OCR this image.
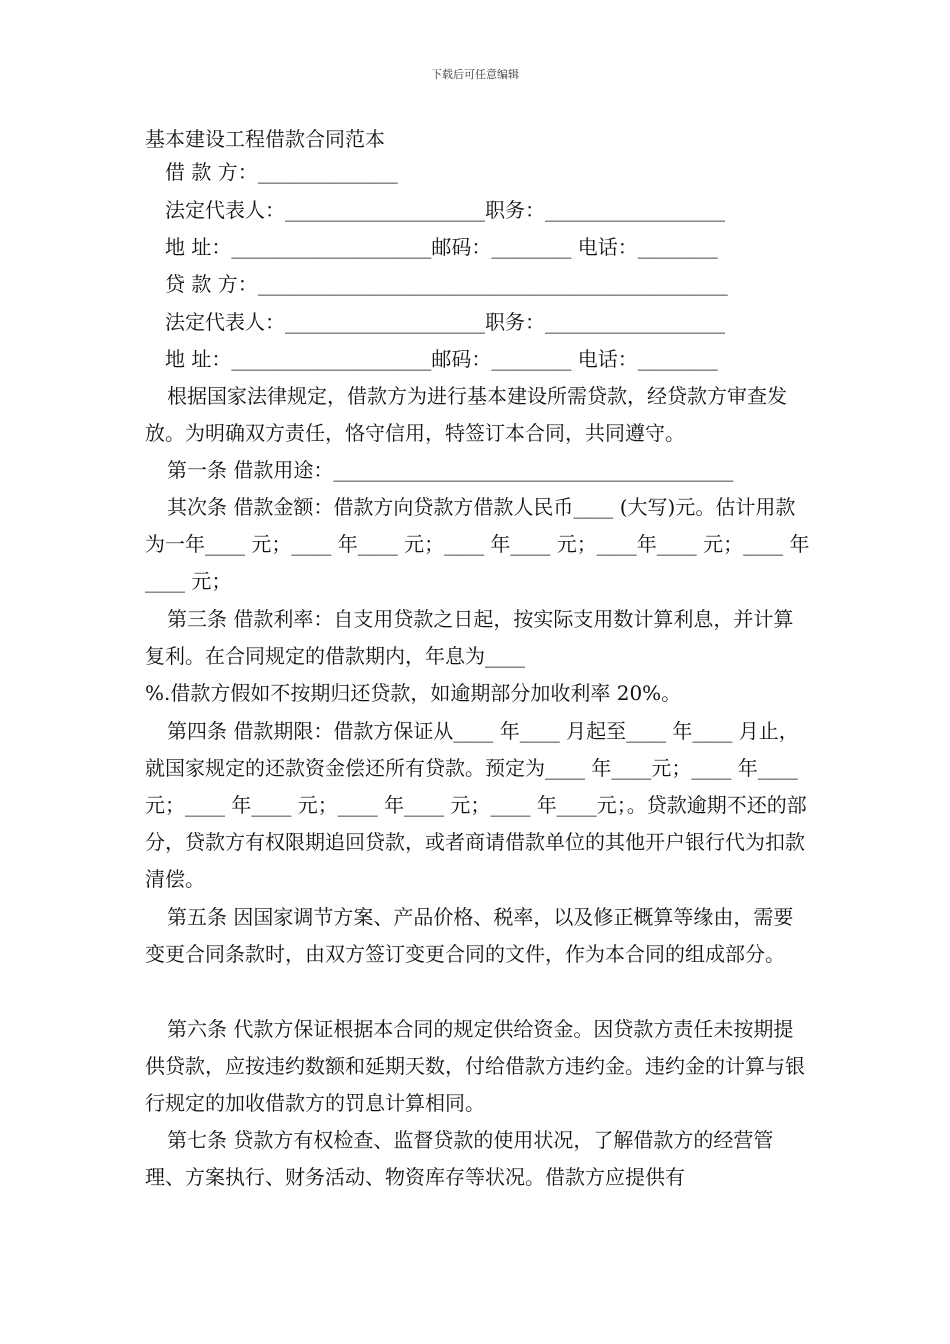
下载后可任意编辑
基本建设工程借款合同范本
借 款 方：______________
法定代表人：____________________职务：__________________
地 址：____________________邮码：________ 电话：________
贷 款 方：_______________________________________________
法定代表人：____________________职务：__________________
地 址：____________________邮码：________ 电话：________

根据国家法律规定，借款方为进行基本建设所需贷款，经贷款方审查发放。为明确双方责任，恪守信用，特签订本合同，共同遵守。

第一条 借款用途：________________________________________

其次条 借款金额：借款方向贷款方借款人民币____ (大写)元。估计用款为一年____ 元；____ 年____ 元；____ 年____ 元；____年____ 元；____ 年____ 元；

第三条 借款利率：自支用贷款之日起，按实际支用数计算利息，并计算复利。在合同规定的借款期内，年息为____

%.借款方假如不按期归还贷款，如逾期部分加收利率 20%。

第四条 借款期限：借款方保证从____ 年____ 月起至____ 年____ 月止，就国家规定的还款资金偿还所有贷款。预定为____ 年____元；____ 年____ 元；____ 年____ 元；____ 年____ 元；____ 年____元；。贷款逾期不还的部分，贷款方有权限期追回贷款，或者商请借款单位的其他开户银行代为扣款清偿。

第五条 因国家调节方案、产品价格、税率，以及修正概算等缘由，需要变更合同条款时，由双方签订变更合同的文件，作为本合同的组成部分。

第六条 代款方保证根据本合同的规定供给资金。因贷款方责任未按期提供贷款，应按违约数额和延期天数，付给借款方违约金。违约金的计算与银行规定的加收借款方的罚息计算相同。

第七条 贷款方有权检查、监督贷款的使用状况，了解借款方的经营管理、方案执行、财务活动、物资库存等状况。借款方应提供有
